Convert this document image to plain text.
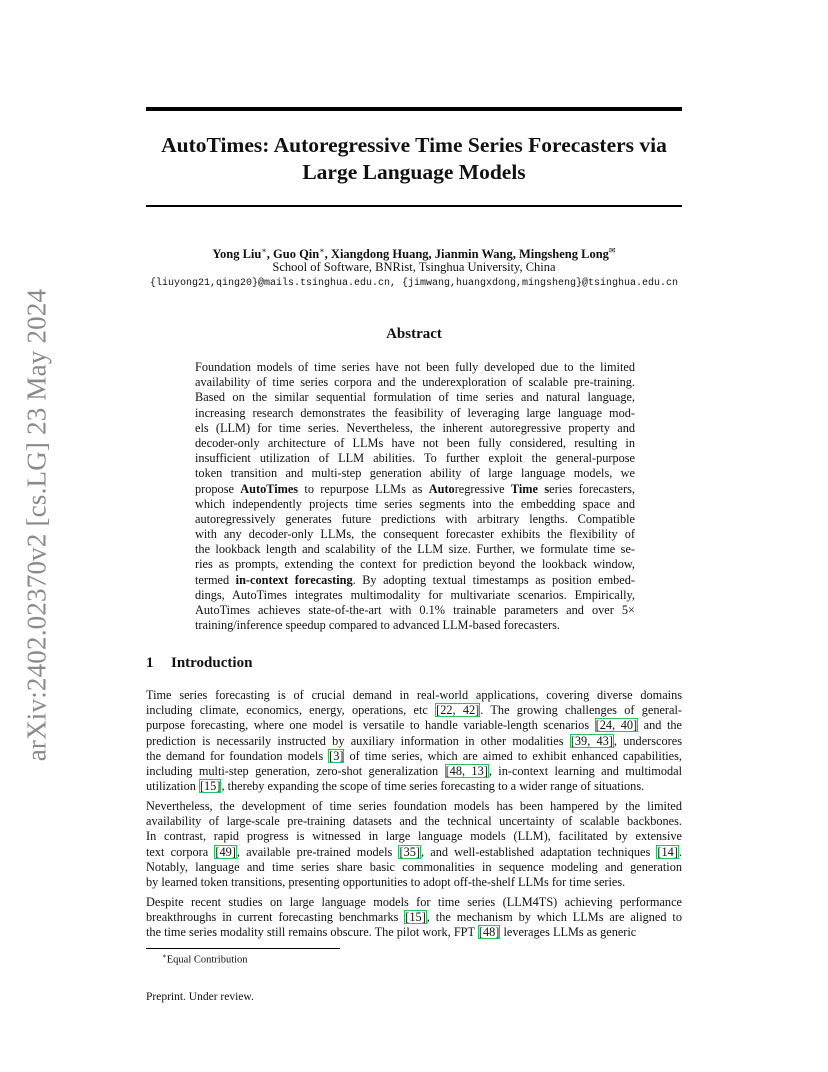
arXiv:2402.02370v2 [cs.LG] 23 May 2024
AutoTimes: Autoregressive Time Series Forecasters via
Large Language Models
Yong Liu∗, Guo Qin∗, Xiangdong Huang, Jianmin Wang, Mingsheng Long✉
School of Software, BNRist, Tsinghua University, China
{liuyong21,qing20}@mails.tsinghua.edu.cn, {jimwang,huangxdong,mingsheng}@tsinghua.edu.cn
Abstract
Foundation models of time series have not been fully developed due to the limited
availability of time series corpora and the underexploration of scalable pre-training.
Based on the similar sequential formulation of time series and natural language,
increasing research demonstrates the feasibility of leveraging large language mod-
els (LLM) for time series. Nevertheless, the inherent autoregressive property and
decoder-only architecture of LLMs have not been fully considered, resulting in
insufficient utilization of LLM abilities. To further exploit the general-purpose
token transition and multi-step generation ability of large language models, we
propose AutoTimes to repurpose LLMs as Autoregressive Time series forecasters,
which independently projects time series segments into the embedding space and
autoregressively generates future predictions with arbitrary lengths. Compatible
with any decoder-only LLMs, the consequent forecaster exhibits the flexibility of
the lookback length and scalability of the LLM size. Further, we formulate time se-
ries as prompts, extending the context for prediction beyond the lookback window,
termed in-context forecasting. By adopting textual timestamps as position embed-
dings, AutoTimes integrates multimodality for multivariate scenarios. Empirically,
AutoTimes achieves state-of-the-art with 0.1% trainable parameters and over 5×
training/inference speedup compared to advanced LLM-based forecasters.
1 Introduction
Time series forecasting is of crucial demand in real-world applications, covering diverse domains
including climate, economics, energy, operations, etc [22, 42]. The growing challenges of general-
purpose forecasting, where one model is versatile to handle variable-length scenarios [24, 40] and the
prediction is necessarily instructed by auxiliary information in other modalities [39, 43], underscores
the demand for foundation models [3] of time series, which are aimed to exhibit enhanced capabilities,
including multi-step generation, zero-shot generalization [48, 13], in-context learning and multimodal
utilization [15], thereby expanding the scope of time series forecasting to a wider range of situations.
Nevertheless, the development of time series foundation models has been hampered by the limited
availability of large-scale pre-training datasets and the technical uncertainty of scalable backbones.
In contrast, rapid progress is witnessed in large language models (LLM), facilitated by extensive
text corpora [49], available pre-trained models [35], and well-established adaptation techniques [14].
Notably, language and time series share basic commonalities in sequence modeling and generation
by learned token transitions, presenting opportunities to adopt off-the-shelf LLMs for time series.
Despite recent studies on large language models for time series (LLM4TS) achieving performance
breakthroughs in current forecasting benchmarks [15], the mechanism by which LLMs are aligned to
the time series modality still remains obscure. The pilot work, FPT [48] leverages LLMs as generic
∗Equal Contribution
Preprint. Under review.
